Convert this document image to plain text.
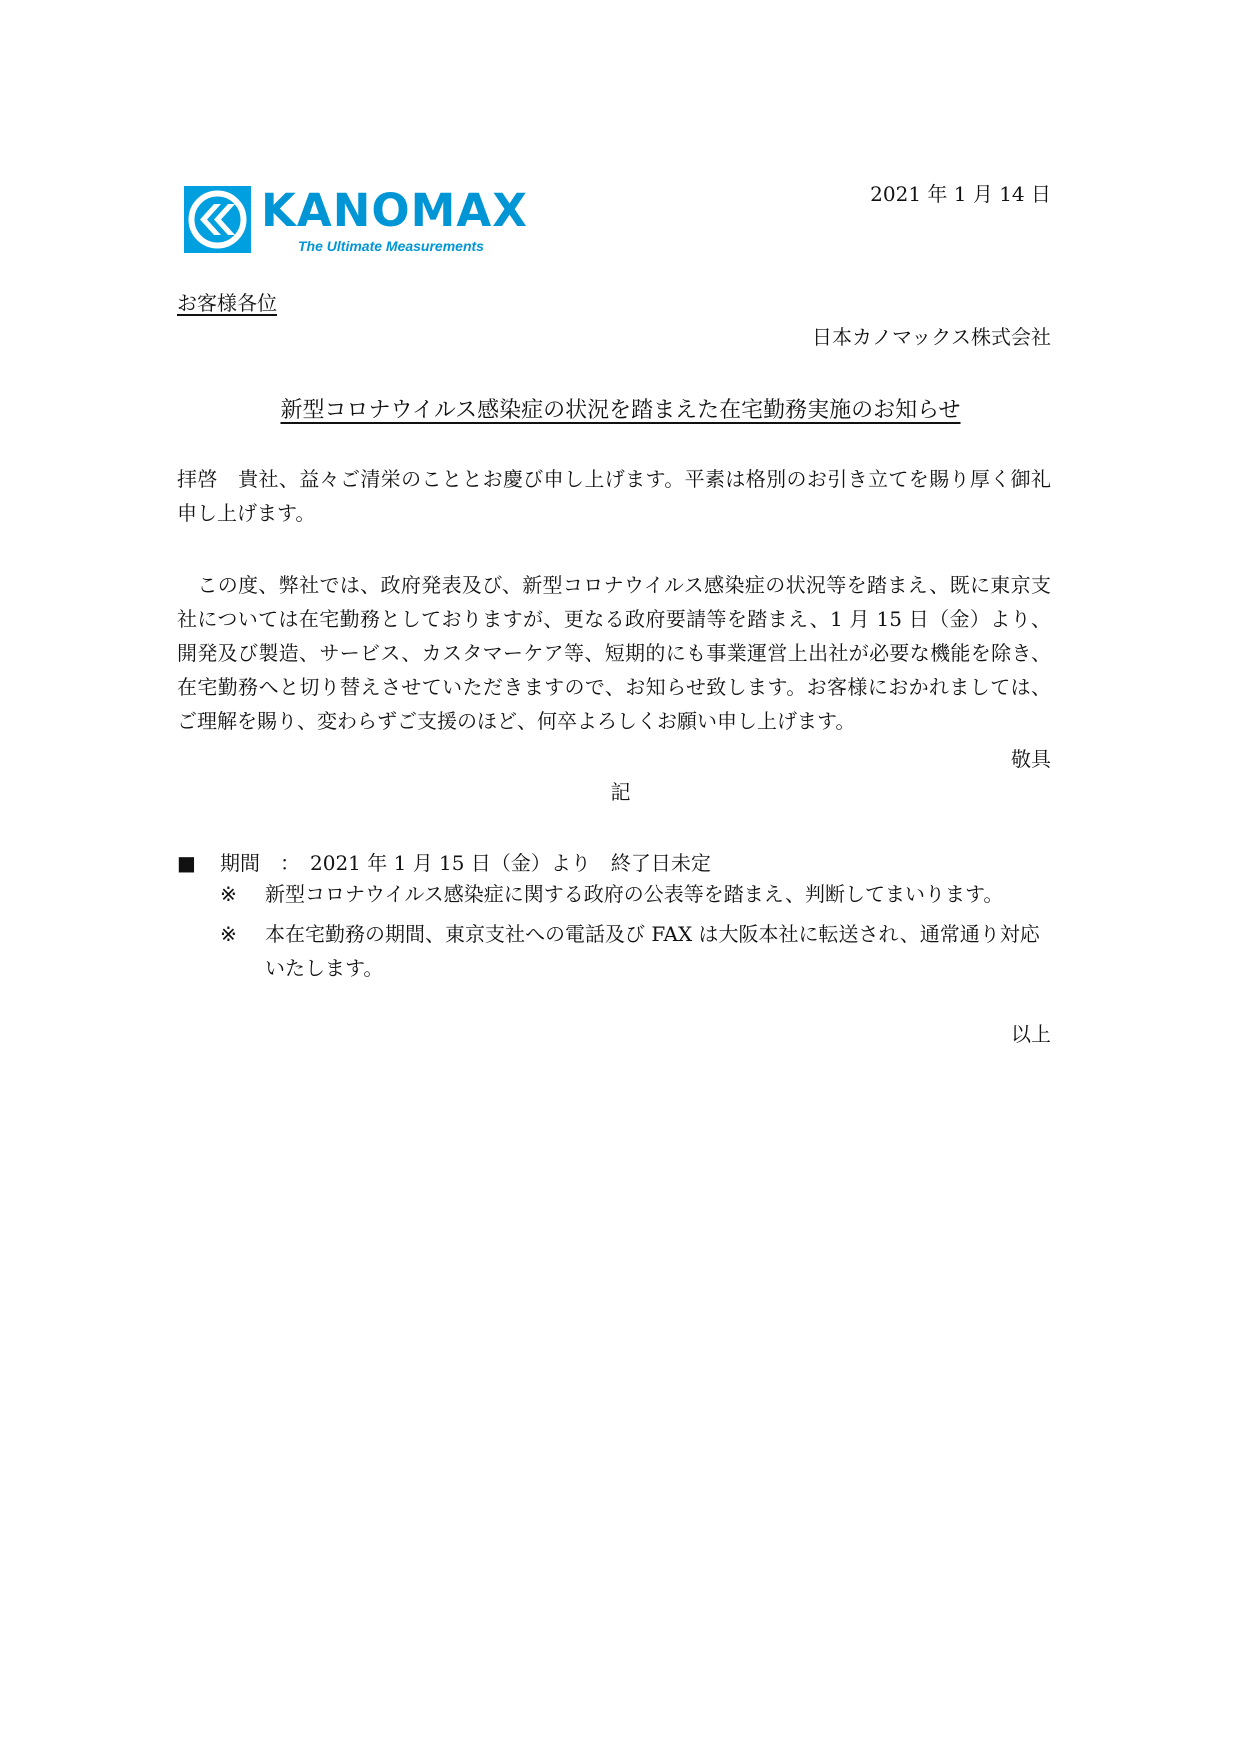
KANOMAX
The Ultimate Measurements
2021 年 1 月 14 日
お客様各位
日本カノマックス株式会社
新型コロナウイルス感染症の状況を踏まえた在宅勤務実施のお知らせ
拝啓　貴社、益々ご清栄のこととお慶び申し上げます。平素は格別のお引き立てを賜り厚く御礼申し上げます。
　この度、弊社では、政府発表及び、新型コロナウイルス感染症の状況等を踏まえ、既に東京支社については在宅勤務としておりますが、更なる政府要請等を踏まえ、1 月 15 日（金）より、開発及び製造、サービス、カスタマーケア等、短期的にも事業運営上出社が必要な機能を除き、在宅勤務へと切り替えさせていただきますので、お知らせ致します。お客様におかれましては、ご理解を賜り、変わらずご支援のほど、何卒よろしくお願い申し上げます。
敬具
記
■	期間　：　2021 年 1 月 15 日（金）より　終了日未定
※ 新型コロナウイルス感染症に関する政府の公表等を踏まえ、判断してまいります。
※ 本在宅勤務の期間、東京支社への電話及び FAX は大阪本社に転送され、通常通り対応いたします。
以上
